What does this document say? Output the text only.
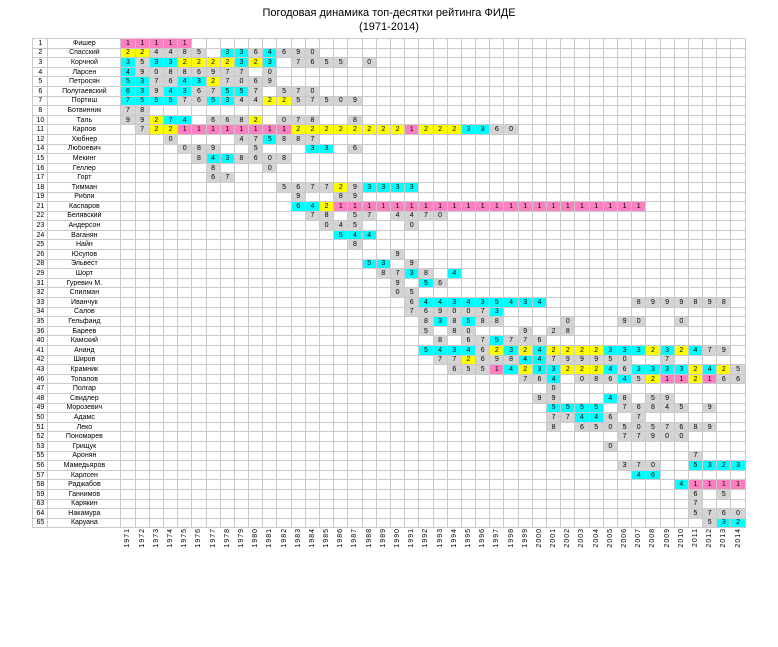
Погодовая динамика топ-десятки рейтинга ФИДЕ
(1971-2014)
1	Фишер	1	1	1	1	1																																							
2	Спасский	2	2	4	4	8	5		3	3	6	4	6	9	0																														
3	Корчной	3	5	3	3	2	2	2	2	3	2	3		7	6	5	5		0																										
4	Ларсен	4	9	0	8	8	6	9	7	7		0																																	
5	Петросян	5	3	7	6	4	3	2	7	0	6	9																																	
6	Полугаевский	6	3	9	4	3	6	7	5	5	7		5	7	0																														
7	Портиш	7	5	5	5	7	6	5	3	4	4	2	2	5	7	5	0	9																											
8	Ботвинник	7	8																																										
10	Таль	9	9	2	7	4		6	6	8	2		0	7	8			8																											
11	Карпов		7	2	2	1	1	1	1	1	1	1	1	2	2	2	2	2	2	2	2	1	2	2	2	3	3	6	0																
12	Хюбнер				0					4	7	5	8	8	7																														
14	Любоевич					0	8	9			5				3	3		6																											
15	Мекинг						8	4	3	8	6	0	8																																
16	Геллер							8				0																																	
17	Горт							6	7																																				
18	Тимман												5	6	7	7	2	9	3	3	3	3																							
19	Рибли													9			8	9																											
21	Каспаров													6	4	2	1	1	1	1	1	1	1	1	1	1	1	1	1	1	1	1	1	1	1	1	1	1							
22	Белявский														7	8		5	7		4	4	7	0																					
23	Андерсон															0	4	5				0																							
24	Ваганян																5	4	4																										
25	Найн																	8																											
26	Юсупов																				9																								
28	Эльвест																		5	3		9																							
29	Шорт																			8	7	3	8		4																				
31	Гуревич М.																				9		5	6																					
32	Спилман																				0	5																							
33	Иванчук																					6	4	4	3	4	3	5	4	3	4							8	9	9	9	8	9	8	
34	Салов																					7	6	9	0	0	7	3																	
35	Гельфанд																						8	3	8	5	8	8					0				9	0			0				
36	Бареев																						5		8	0				9		2	8												
40	Камский																							8		6	7	5	7	7	6														
41	Ананд																						5	4	3	4	6	2	3	2	4	2	2	2	2	3	3	3	2	3	2	4	7	9	
42	Широв																							7	7	2	6	9	8	4	4	7	9	9	9	5	0			7					
43	Крамник																								6	5	5	1	4	2	3	3	2	2	2	4	6	3	3	3	3	2	4	2	5
46	Топалов																													7	6	4		0	8	6	4	5	2	1	1	2	1	6	6
47	Полгар																															0													
48	Свидлер																														9	9				4	8		5	9					
49	Морозевич																															5	5	5	5		7	6	8	4	5		9		
50	Адамс																															7	7	4	4	6		7							
51	Леко																															8		6	5	0	5	0	5	7	6	8	9		
52	Пономарев																																				7	7	9	0	0				
53	Грищук																																			0									
55	Аронян																																									7			
56	Мамедьяров																																				3	7	0			5	3	2	3
57	Карлсен																																					4	6						
58	Раджабов																																								4	1	1	1	1
59	Ганнимов																																									6		5	
63	Карякин																																									7			
64	Накамура																																									5	7	6	0
65	Каруана																																										5	3	2
		1971	1972	1973	1974	1975	1976	1977	1978	1979	1980	1981	1982	1983	1984	1985	1986	1987	1988	1989	1990	1991	1992	1993	1994	1995	1996	1997	1998	1999	2000	2001	2002	2003	2004	2005	2006	2007	2008	2009	2010	2011	2012	2013	2014
